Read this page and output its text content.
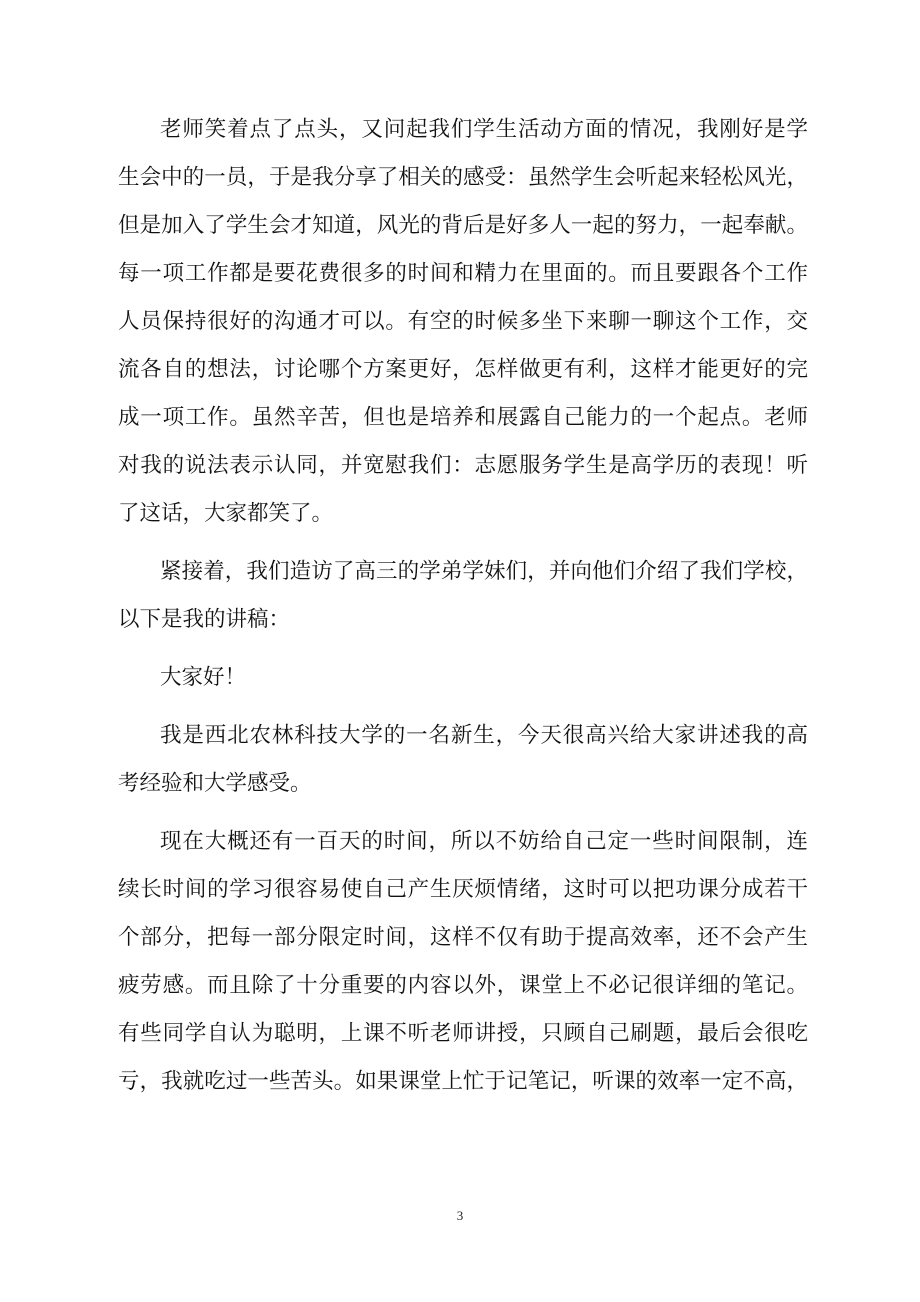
老师笑着点了点头，又问起我们学生活动方面的情况，我刚好是学
生会中的一员，于是我分享了相关的感受：虽然学生会听起来轻松风光，
但是加入了学生会才知道，风光的背后是好多人一起的努力，一起奉献。
每一项工作都是要花费很多的时间和精力在里面的。而且要跟各个工作
人员保持很好的沟通才可以。有空的时候多坐下来聊一聊这个工作，交
流各自的想法，讨论哪个方案更好，怎样做更有利，这样才能更好的完
成一项工作。虽然辛苦，但也是培养和展露自己能力的一个起点。老师
对我的说法表示认同，并宽慰我们：志愿服务学生是高学历的表现！听
了这话，大家都笑了。
紧接着，我们造访了高三的学弟学妹们，并向他们介绍了我们学校，
以下是我的讲稿：
大家好！
我是西北农林科技大学的一名新生，今天很高兴给大家讲述我的高
考经验和大学感受。
现在大概还有一百天的时间，所以不妨给自己定一些时间限制，连
续长时间的学习很容易使自己产生厌烦情绪，这时可以把功课分成若干
个部分，把每一部分限定时间，这样不仅有助于提高效率，还不会产生
疲劳感。而且除了十分重要的内容以外，课堂上不必记很详细的笔记。
有些同学自认为聪明，上课不听老师讲授，只顾自己刷题，最后会很吃
亏，我就吃过一些苦头。如果课堂上忙于记笔记，听课的效率一定不高，
3
